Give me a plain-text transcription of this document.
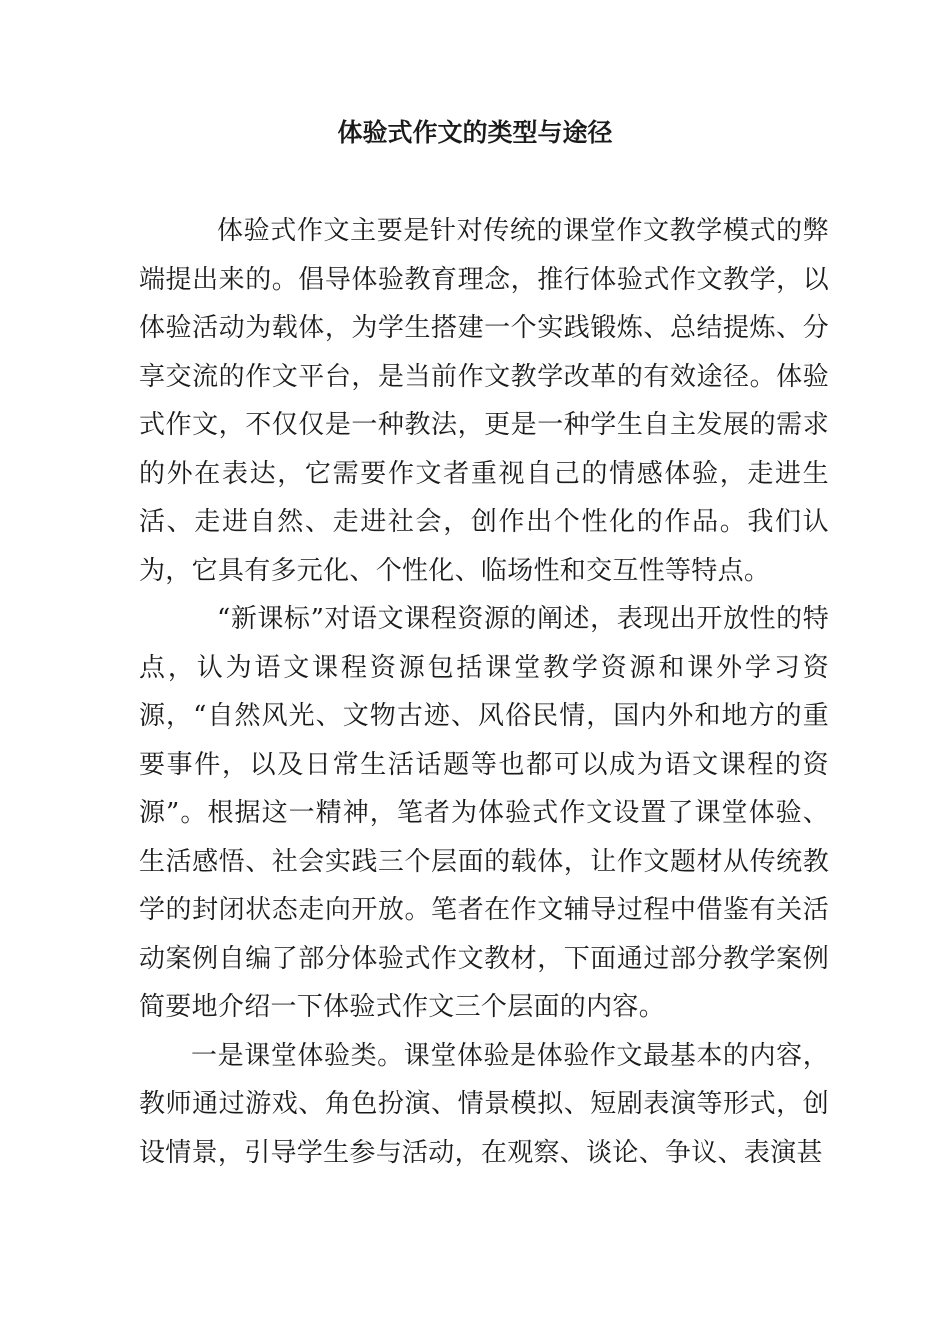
体验式作文的类型与途径

体验式作文主要是针对传统的课堂作文教学模式的弊端提出来的。倡导体验教育理念，推行体验式作文教学，以体验活动为载体，为学生搭建一个实践锻炼、总结提炼、分享交流的作文平台，是当前作文教学改革的有效途径。体验式作文，不仅仅是一种教法，更是一种学生自主发展的需求的外在表达，它需要作文者重视自己的情感体验，走进生活、走进自然、走进社会，创作出个性化的作品。我们认为，它具有多元化、个性化、临场性和交互性等特点。

“新课标”对语文课程资源的阐述，表现出开放性的特点，认为语文课程资源包括课堂教学资源和课外学习资源，“自然风光、文物古迹、风俗民情，国内外和地方的重要事件，以及日常生活话题等也都可以成为语文课程的资源”。根据这一精神，笔者为体验式作文设置了课堂体验、生活感悟、社会实践三个层面的载体，让作文题材从传统教学的封闭状态走向开放。笔者在作文辅导过程中借鉴有关活动案例自编了部分体验式作文教材，下面通过部分教学案例简要地介绍一下体验式作文三个层面的内容。

一是课堂体验类。课堂体验是体验作文最基本的内容，教师通过游戏、角色扮演、情景模拟、短剧表演等形式，创设情景，引导学生参与活动，在观察、谈论、争议、表演甚
